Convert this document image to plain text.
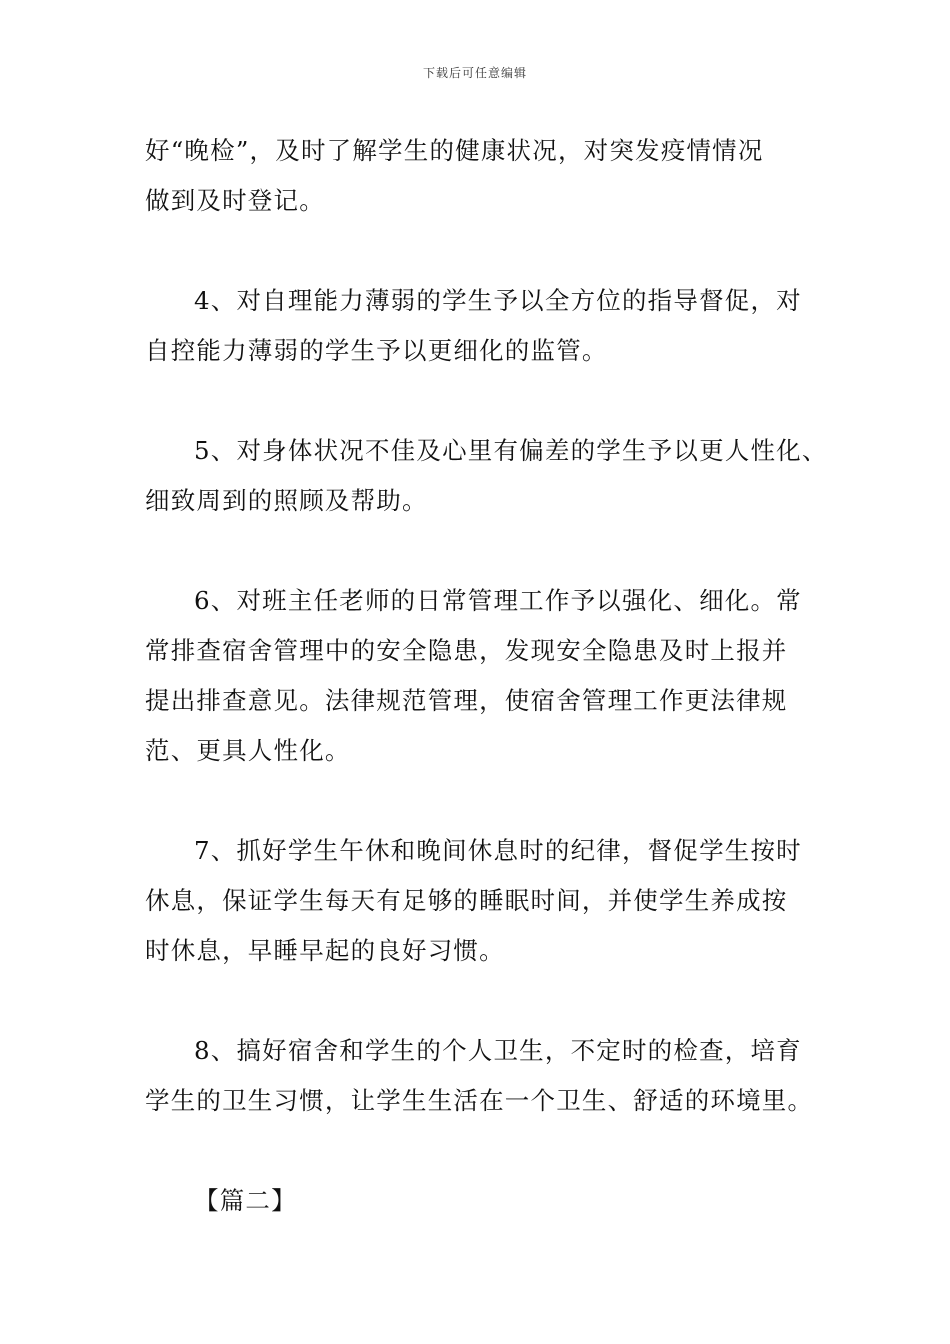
下载后可任意编辑
好“晚检”，及时了解学生的健康状况，对突发疫情情况
做到及时登记。
4、对自理能力薄弱的学生予以全方位的指导督促，对
自控能力薄弱的学生予以更细化的监管。
5、对身体状况不佳及心里有偏差的学生予以更人性化、
细致周到的照顾及帮助。
6、对班主任老师的日常管理工作予以强化、细化。常
常排查宿舍管理中的安全隐患，发现安全隐患及时上报并
提出排查意见。法律规范管理，使宿舍管理工作更法律规
范、更具人性化。
7、抓好学生午休和晚间休息时的纪律，督促学生按时
休息，保证学生每天有足够的睡眠时间，并使学生养成按
时休息，早睡早起的良好习惯。
8、搞好宿舍和学生的个人卫生，不定时的检查，培育
学生的卫生习惯，让学生生活在一个卫生、舒适的环境里。
【篇二】
